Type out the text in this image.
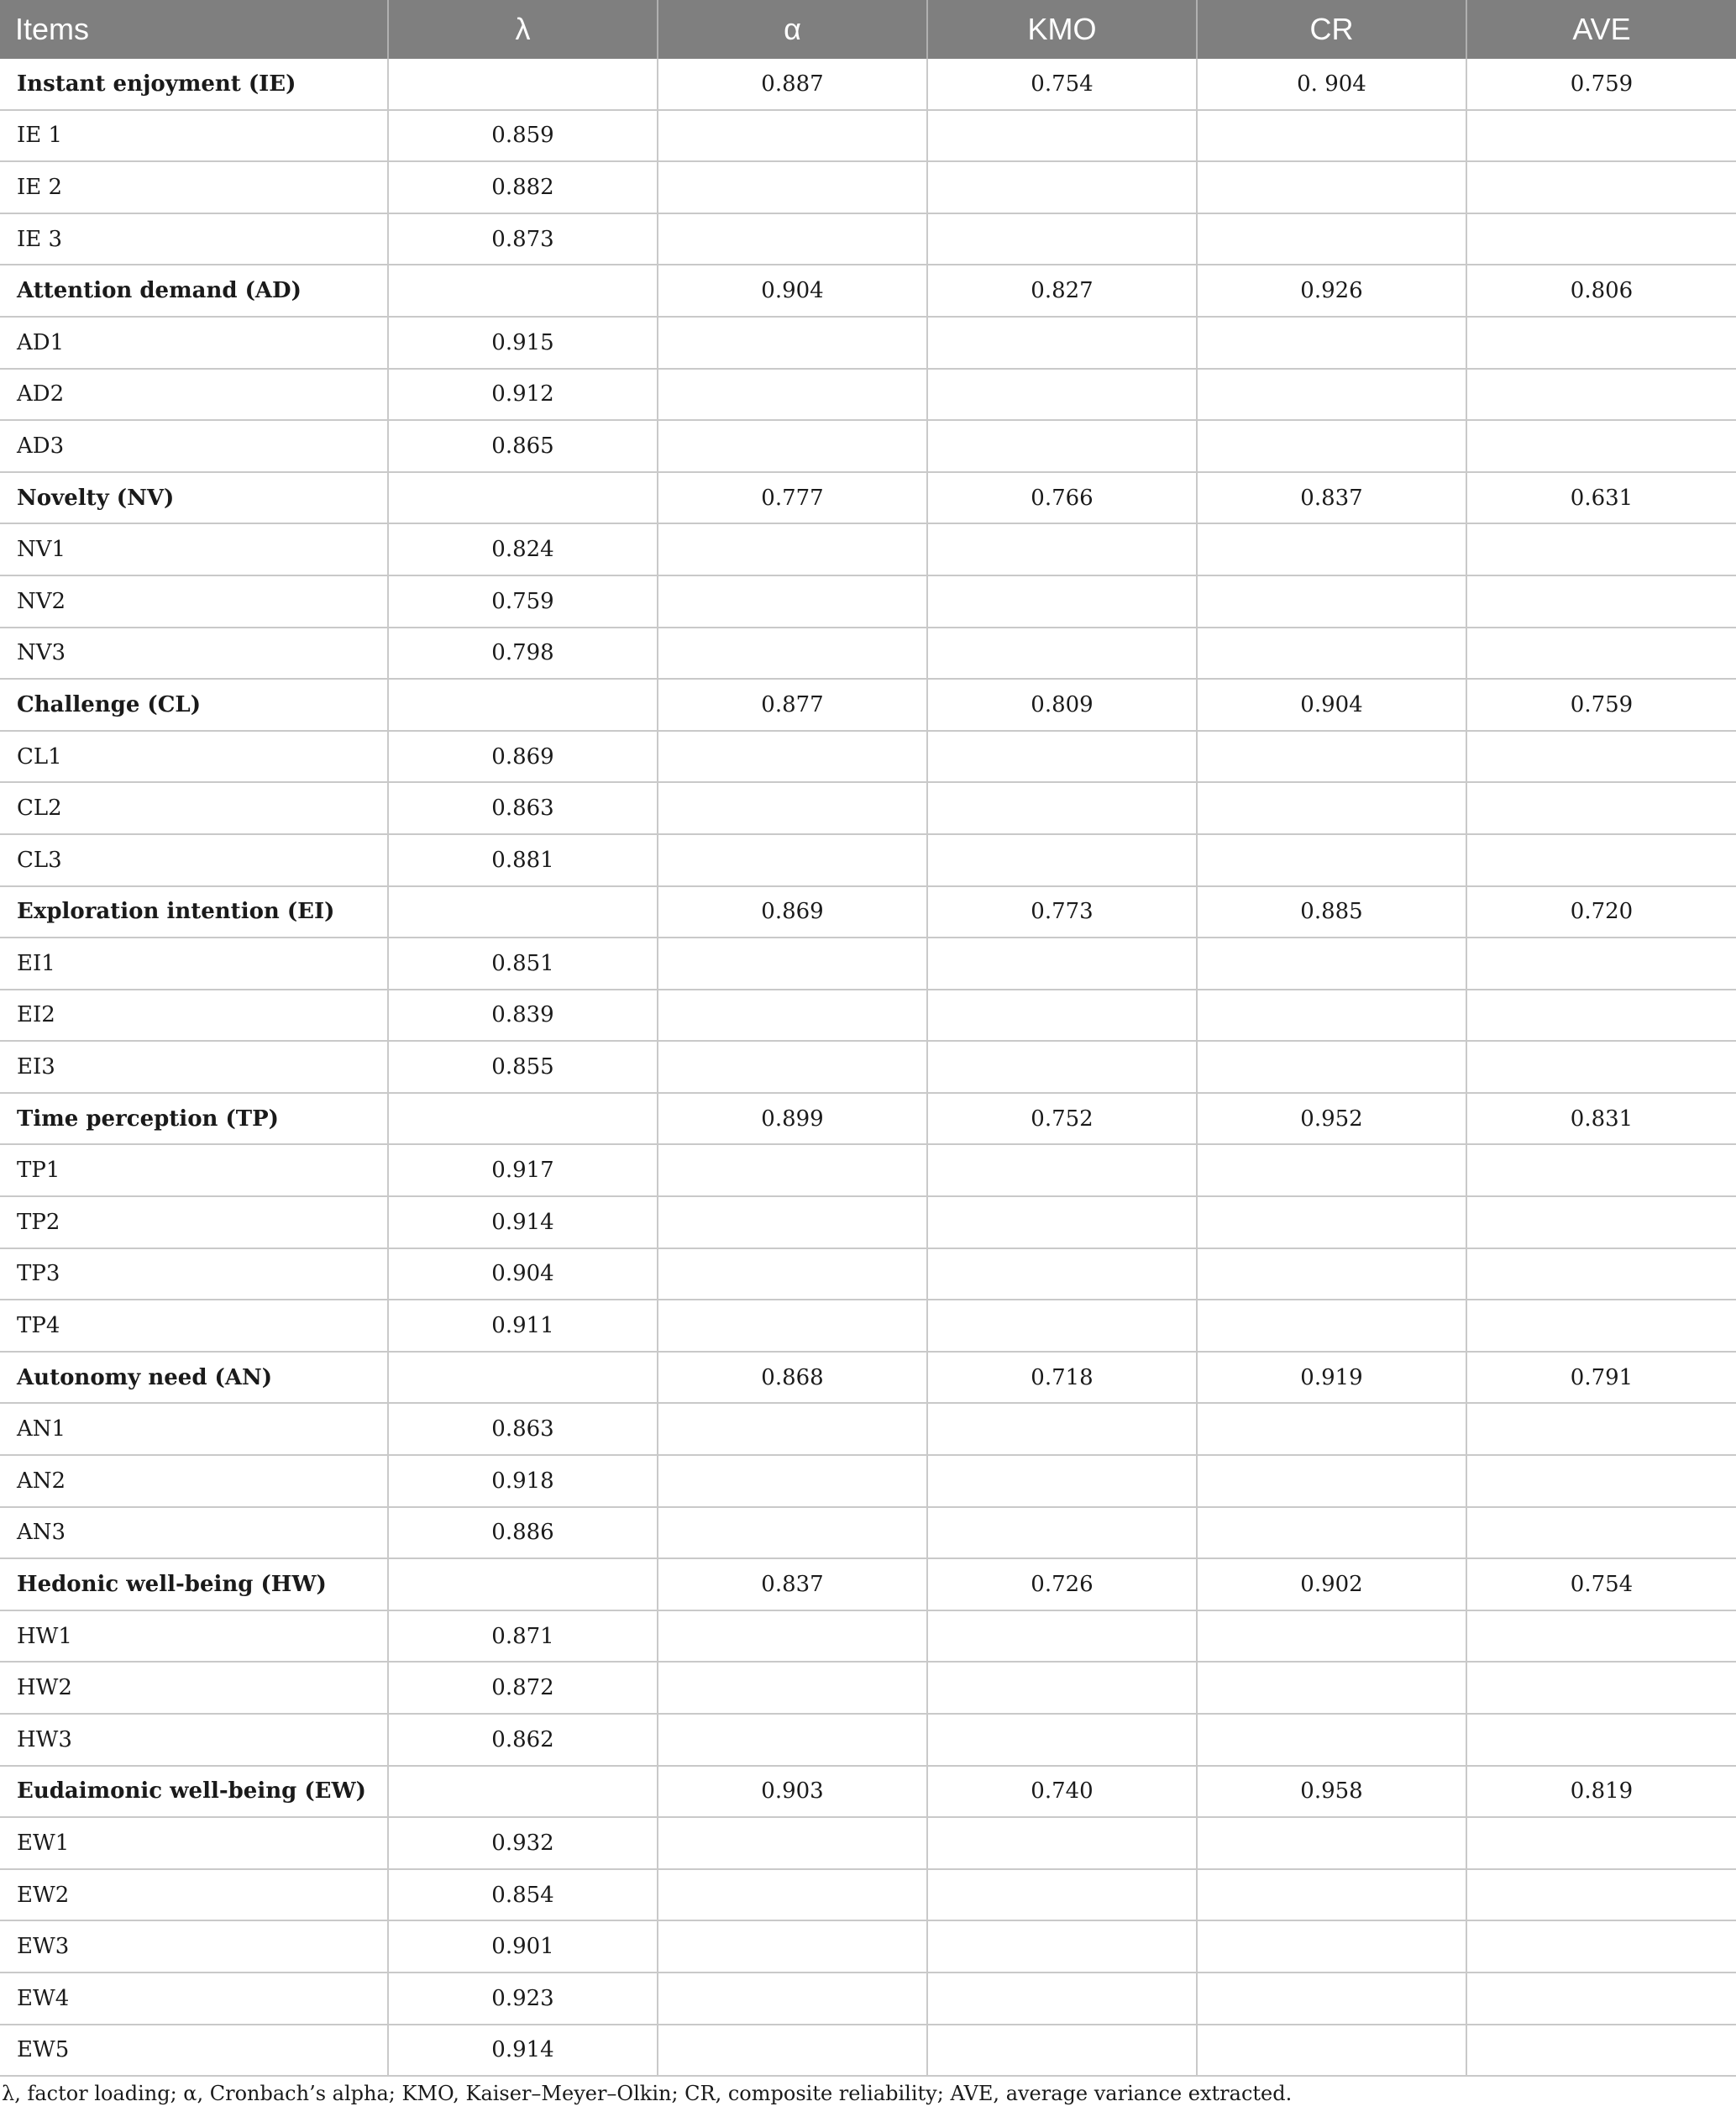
Items	λ	α	KMO	CR	AVE
Instant enjoyment (IE)		0.887	0.754	0. 904	0.759
IE 1	0.859				
IE 2	0.882				
IE 3	0.873				
Attention demand (AD)		0.904	0.827	0.926	0.806
AD1	0.915				
AD2	0.912				
AD3	0.865				
Novelty (NV)		0.777	0.766	0.837	0.631
NV1	0.824				
NV2	0.759				
NV3	0.798				
Challenge (CL)		0.877	0.809	0.904	0.759
CL1	0.869				
CL2	0.863				
CL3	0.881				
Exploration intention (EI)		0.869	0.773	0.885	0.720
EI1	0.851				
EI2	0.839				
EI3	0.855				
Time perception (TP)		0.899	0.752	0.952	0.831
TP1	0.917				
TP2	0.914				
TP3	0.904				
TP4	0.911				
Autonomy need (AN)		0.868	0.718	0.919	0.791
AN1	0.863				
AN2	0.918				
AN3	0.886				
Hedonic well-being (HW)		0.837	0.726	0.902	0.754
HW1	0.871				
HW2	0.872				
HW3	0.862				
Eudaimonic well-being (EW)		0.903	0.740	0.958	0.819
EW1	0.932				
EW2	0.854				
EW3	0.901				
EW4	0.923				
EW5	0.914				
λ, factor loading; α, Cronbach’s alpha; KMO, Kaiser–Meyer–Olkin; CR, composite reliability; AVE, average variance extracted.
